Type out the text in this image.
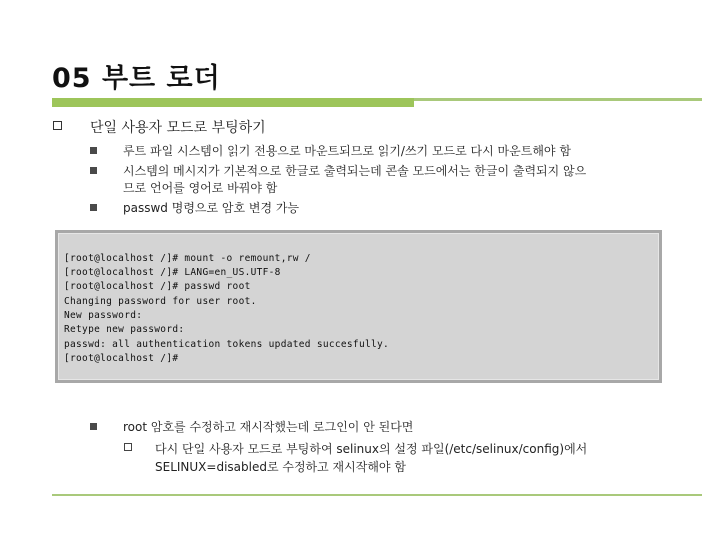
05 부트 로더
단일 사용자 모드로 부팅하기
루트 파일 시스템이 읽기 전용으로 마운트되므로 읽기/쓰기 모드로 다시 마운트해야 함
시스템의 메시지가 기본적으로 한글로 출력되는데 콘솔 모드에서는 한글이 출력되지 않으
므로 언어를 영어로 바꿔야 함
passwd 명령으로 암호 변경 가능
[root@localhost /]# mount -o remount,rw /
[root@localhost /]# LANG=en_US.UTF-8
[root@localhost /]# passwd root
Changing password for user root.
New password:
Retype new password:
passwd: all authentication tokens updated succesfully.
[root@localhost /]#
root 암호를 수정하고 재시작했는데 로그인이 안 된다면
다시 단일 사용자 모드로 부팅하여 selinux의 설정 파일(/etc/selinux/config)에서
SELINUX=disabled로 수정하고 재시작해야 함
